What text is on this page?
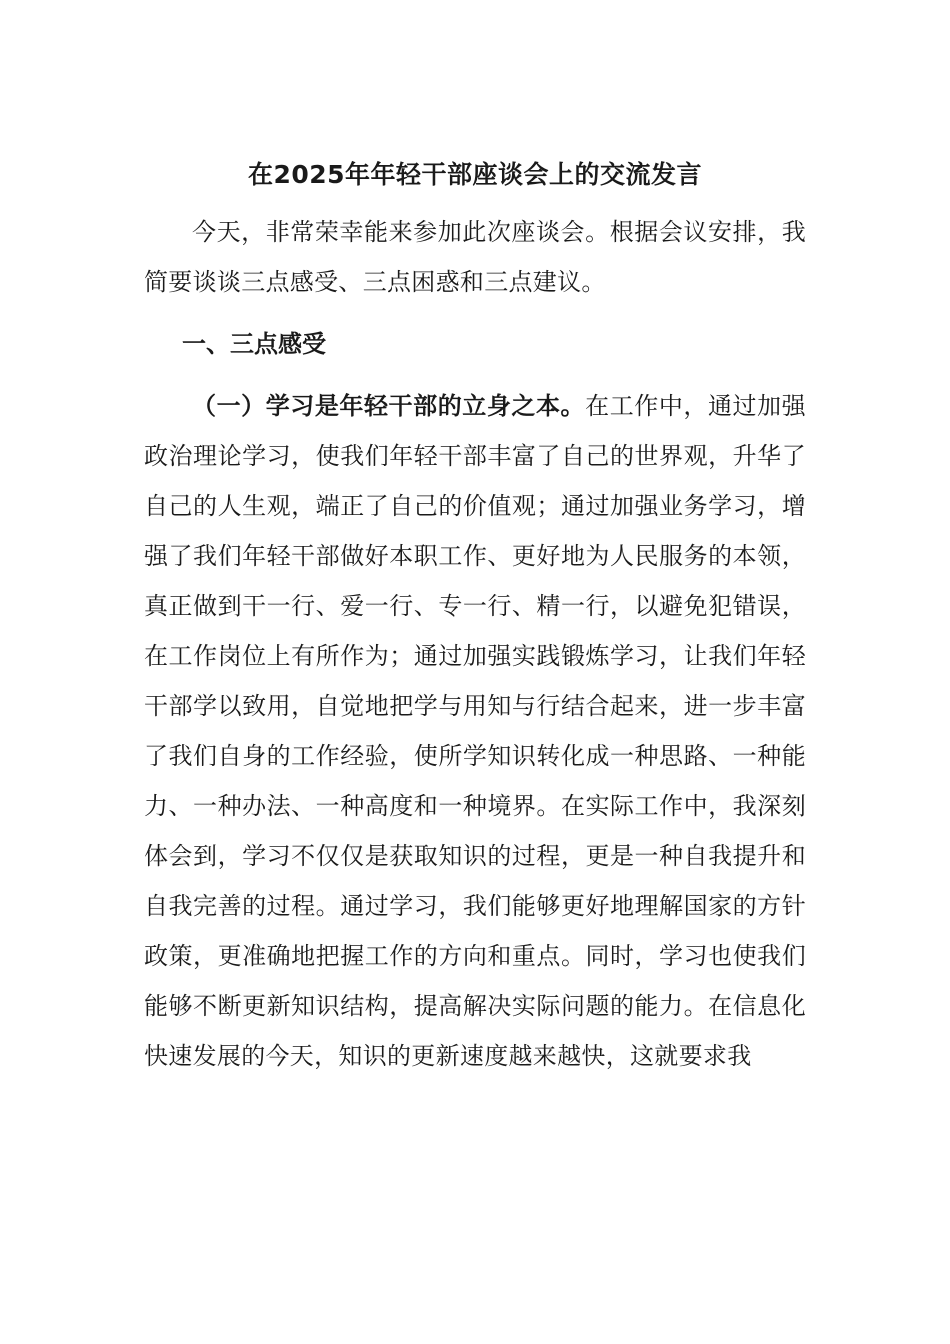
在2025年年轻干部座谈会上的交流发言

今天，非常荣幸能来参加此次座谈会。根据会议安排，我简要谈谈三点感受、三点困惑和三点建议。

一、三点感受

（一）学习是年轻干部的立身之本。在工作中，通过加强政治理论学习，使我们年轻干部丰富了自己的世界观，升华了自己的人生观，端正了自己的价值观；通过加强业务学习，增强了我们年轻干部做好本职工作、更好地为人民服务的本领，真正做到干一行、爱一行、专一行、精一行，以避免犯错误，在工作岗位上有所作为；通过加强实践锻炼学习，让我们年轻干部学以致用，自觉地把学与用知与行结合起来，进一步丰富了我们自身的工作经验，使所学知识转化成一种思路、一种能力、一种办法、一种高度和一种境界。在实际工作中，我深刻体会到，学习不仅仅是获取知识的过程，更是一种自我提升和自我完善的过程。通过学习，我们能够更好地理解国家的方针政策，更准确地把握工作的方向和重点。同时，学习也使我们能够不断更新知识结构，提高解决实际问题的能力。在信息化快速发展的今天，知识的更新速度越来越快，这就要求我
